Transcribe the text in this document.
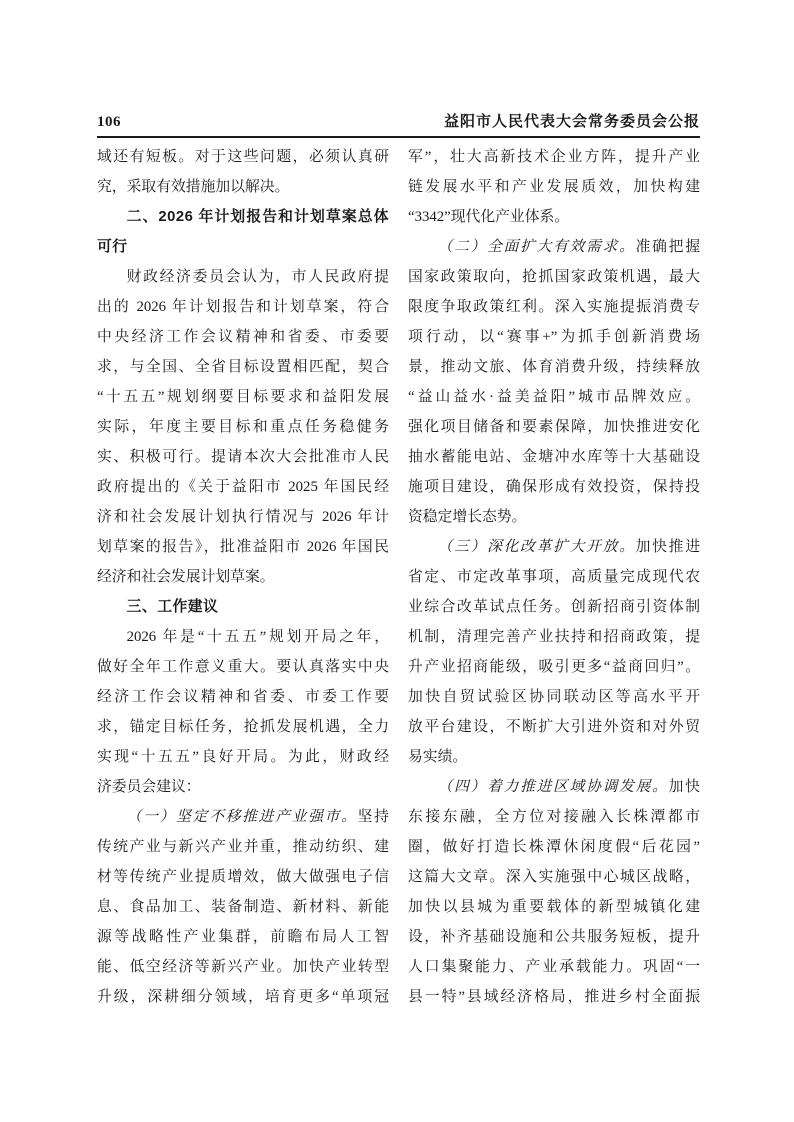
106	益阳市人民代表大会常务委员会公报
域还有短板。对于这些问题，必须认真研
究，采取有效措施加以解决。
二、2026 年计划报告和计划草案总体
可行
财政经济委员会认为，市人民政府提
出的 2026 年计划报告和计划草案，符合
中央经济工作会议精神和省委、市委要
求，与全国、全省目标设置相匹配，契合
“十五五”规划纲要目标要求和益阳发展
实际，年度主要目标和重点任务稳健务
实、积极可行。提请本次大会批准市人民
政府提出的《关于益阳市 2025 年国民经
济和社会发展计划执行情况与 2026 年计
划草案的报告》，批准益阳市 2026 年国民
经济和社会发展计划草案。
三、工作建议
2026 年是“十五五”规划开局之年，
做好全年工作意义重大。要认真落实中央
经济工作会议精神和省委、市委工作要
求，锚定目标任务，抢抓发展机遇，全力
实现“十五五”良好开局。为此，财政经
济委员会建议：
（一）坚定不移推进产业强市。坚持
传统产业与新兴产业并重，推动纺织、建
材等传统产业提质增效，做大做强电子信
息、食品加工、装备制造、新材料、新能
源等战略性产业集群，前瞻布局人工智
能、低空经济等新兴产业。加快产业转型
升级，深耕细分领域，培育更多“单项冠
军”，壮大高新技术企业方阵，提升产业
链发展水平和产业发展质效，加快构建
“3342”现代化产业体系。
（二）全面扩大有效需求。准确把握
国家政策取向，抢抓国家政策机遇，最大
限度争取政策红利。深入实施提振消费专
项行动，以“赛事+”为抓手创新消费场
景，推动文旅、体育消费升级，持续释放
“益山益水·益美益阳”城市品牌效应。
强化项目储备和要素保障，加快推进安化
抽水蓄能电站、金塘冲水库等十大基础设
施项目建设，确保形成有效投资，保持投
资稳定增长态势。
（三）深化改革扩大开放。加快推进
省定、市定改革事项，高质量完成现代农
业综合改革试点任务。创新招商引资体制
机制，清理完善产业扶持和招商政策，提
升产业招商能级，吸引更多“益商回归”。
加快自贸试验区协同联动区等高水平开
放平台建设，不断扩大引进外资和对外贸
易实绩。
（四）着力推进区域协调发展。加快
东接东融，全方位对接融入长株潭都市
圈，做好打造长株潭休闲度假“后花园”
这篇大文章。深入实施强中心城区战略，
加快以县城为重要载体的新型城镇化建
设，补齐基础设施和公共服务短板，提升
人口集聚能力、产业承载能力。巩固“一
县一特”县域经济格局，推进乡村全面振
